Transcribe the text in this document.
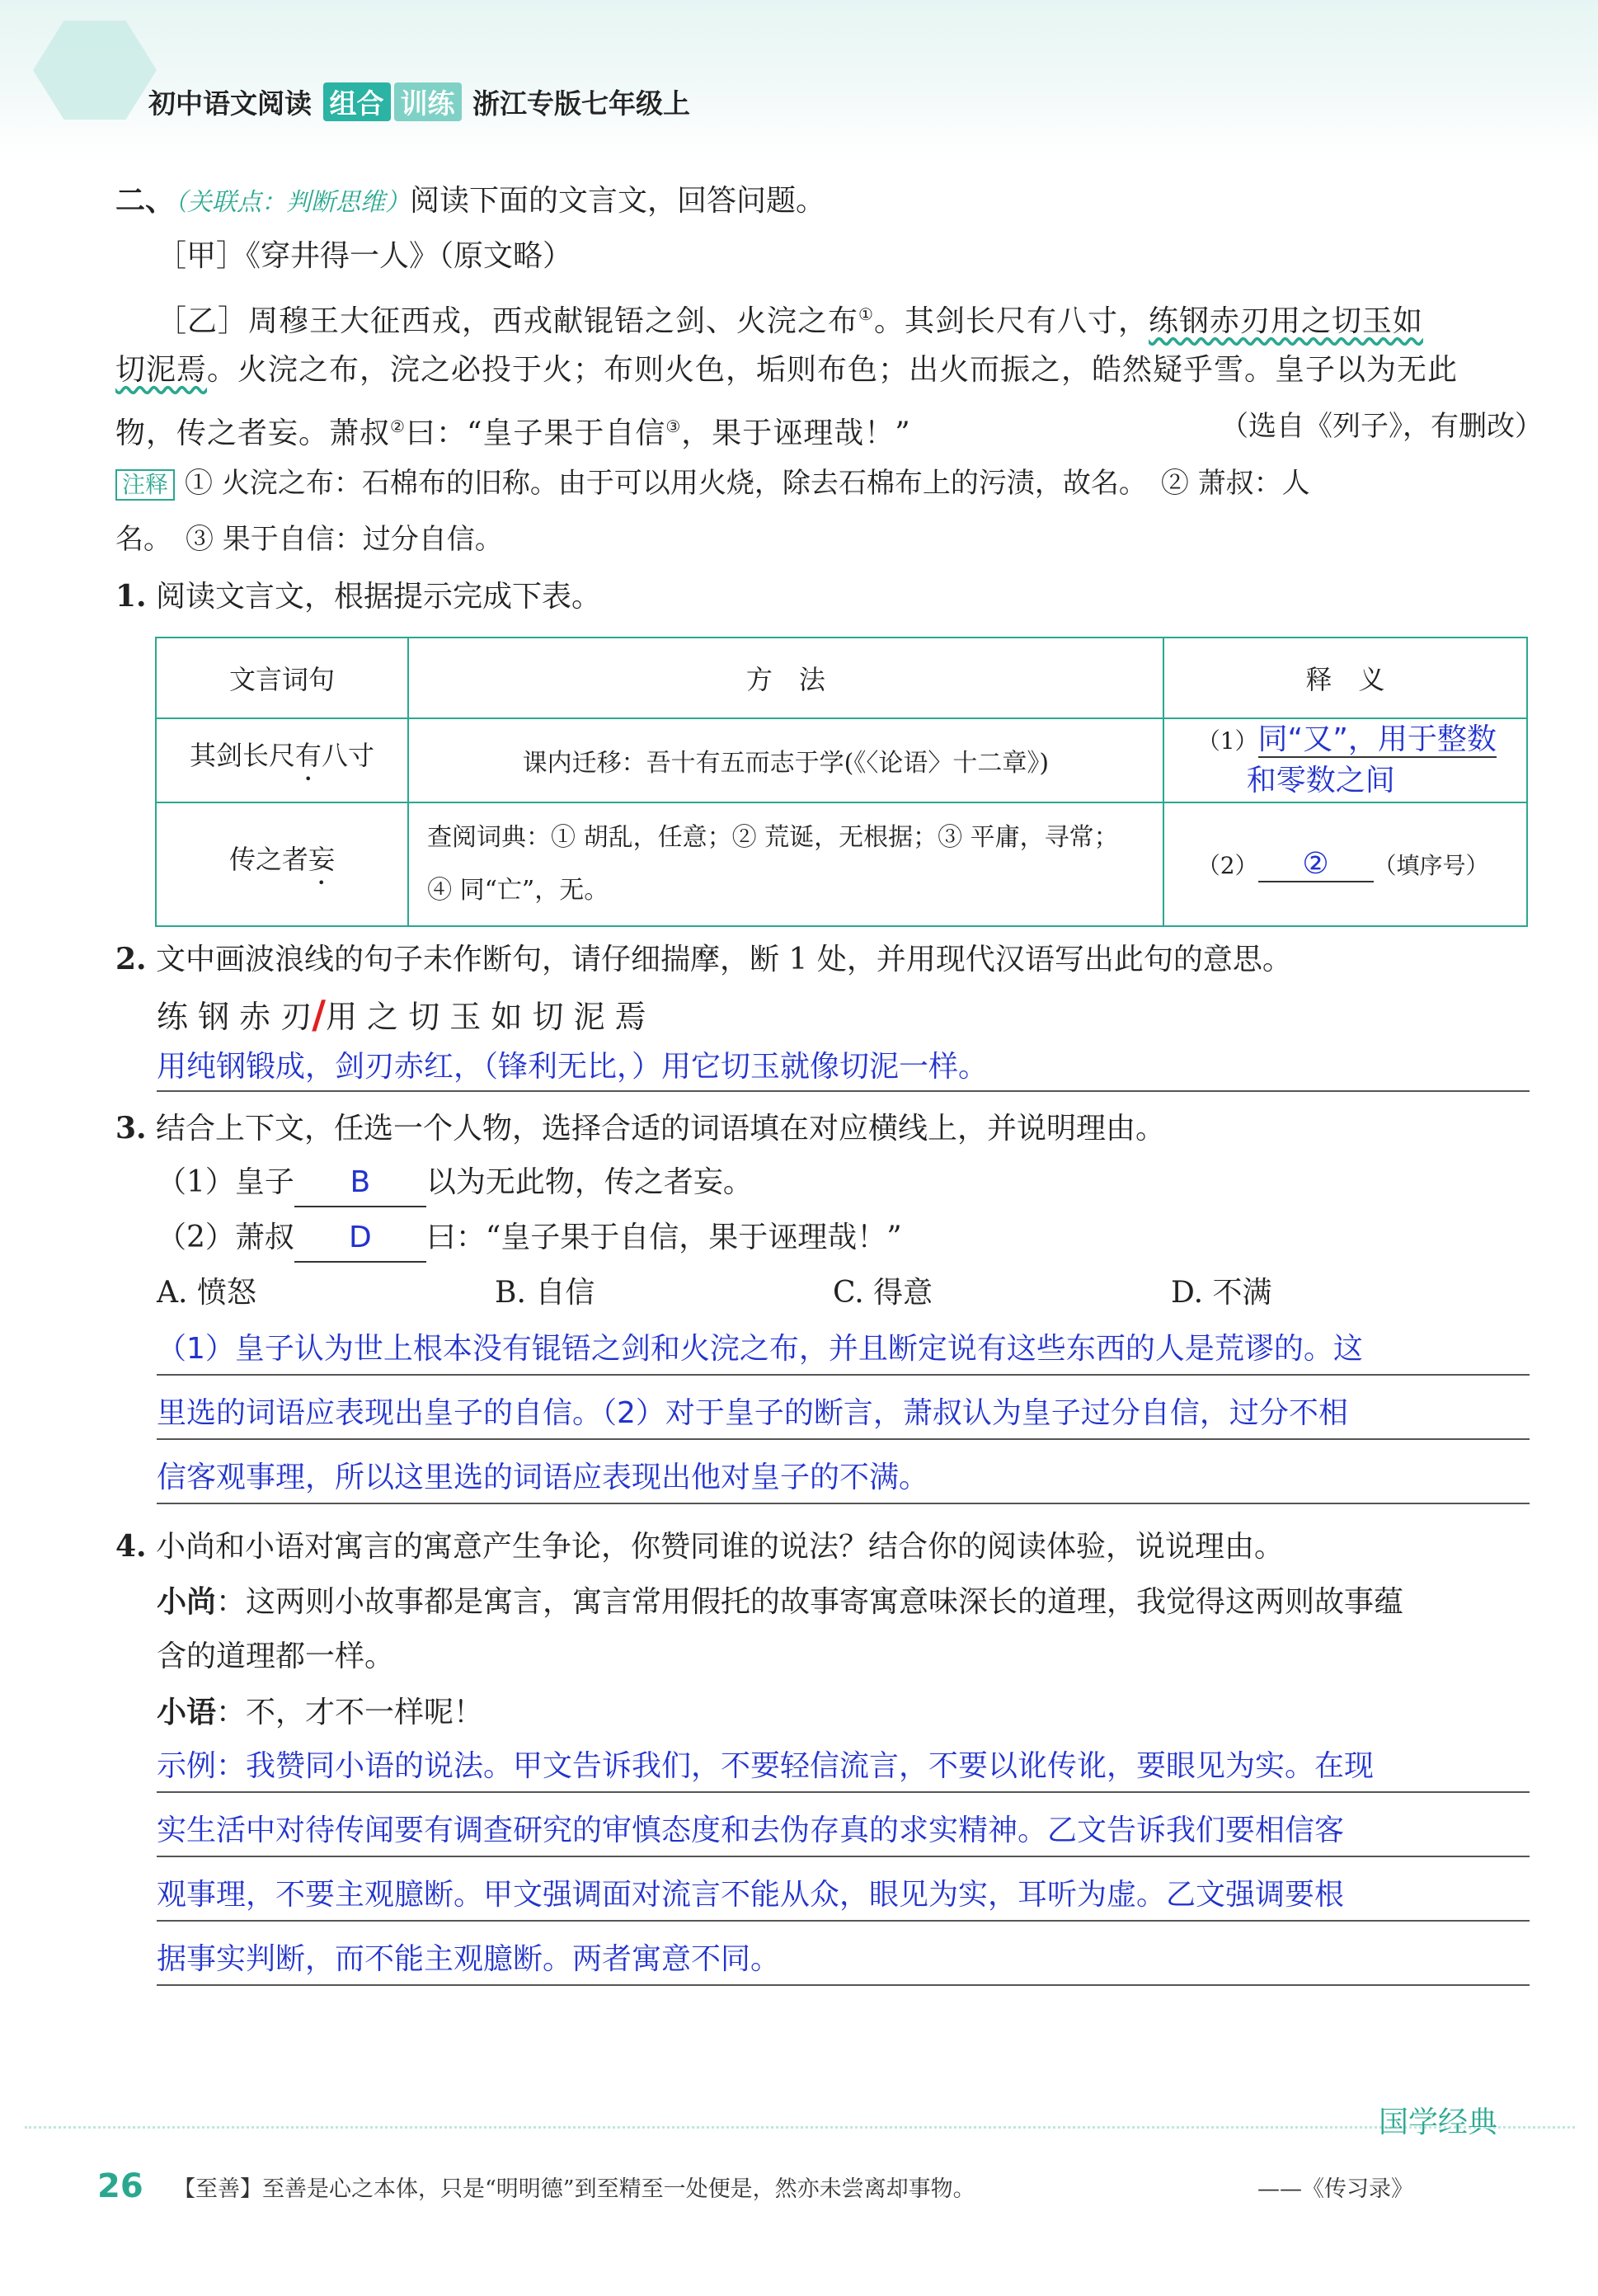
初中语文阅读 组合 训练 浙江专版七年级上
二、（关联点：判断思维）阅读下面的文言文，回答问题。
［甲］《穿井得一人》（原文略）
［乙］周穆王大征西戎，西戎献锟铻之剑、火浣之布①。其剑长尺有八寸，练钢赤刃用之切玉如
切泥焉。火浣之布，浣之必投于火；布则火色，垢则布色；出火而振之，皓然疑乎雪。皇子以为无此
物，传之者妄。萧叔②曰：“皇子果于自信③，果于诬理哉！”	（选自《列子》，有删改）
注释 ① 火浣之布：石棉布的旧称。由于可以用火烧，除去石棉布上的污渍，故名。　② 萧叔：人
名。　③ 果于自信：过分自信。
1. 阅读文言文，根据提示完成下表。
文言词句	方　法	释　义
其剑长尺有八寸	课内迁移：吾十有五而志于学(《〈论语〉十二章》)	（1）同“又”，用于整数
和零数之间
传之者妄	查阅词典：① 胡乱，任意；② 荒诞，无根据；③ 平庸，寻常；
④ 同“亡”，无。	（2） ② （填序号）
2. 文中画波浪线的句子未作断句，请仔细揣摩，断 1 处，并用现代汉语写出此句的意思。
练 钢 赤 刃/用 之 切 玉 如 切 泥 焉
用纯钢锻成，剑刃赤红，（锋利无比，）用它切玉就像切泥一样。
3. 结合上下文，任选一个人物，选择合适的词语填在对应横线上，并说明理由。
（1）皇子 B 以为无此物，传之者妄。
（2）萧叔 D 曰：“皇子果于自信，果于诬理哉！”
A. 愤怒	B. 自信	C. 得意	D. 不满
（1）皇子认为世上根本没有锟铻之剑和火浣之布，并且断定说有这些东西的人是荒谬的。这
里选的词语应表现出皇子的自信。（2）对于皇子的断言，萧叔认为皇子过分自信，过分不相
信客观事理，所以这里选的词语应表现出他对皇子的不满。
4. 小尚和小语对寓言的寓意产生争论，你赞同谁的说法？结合你的阅读体验，说说理由。
小尚：这两则小故事都是寓言，寓言常用假托的故事寄寓意味深长的道理，我觉得这两则故事蕴
含的道理都一样。
小语：不，才不一样呢！
示例：我赞同小语的说法。甲文告诉我们，不要轻信流言，不要以讹传讹，要眼见为实。在现
实生活中对待传闻要有调查研究的审慎态度和去伪存真的求实精神。乙文告诉我们要相信客
观事理，不要主观臆断。甲文强调面对流言不能从众，眼见为实，耳听为虚。乙文强调要根
据事实判断，而不能主观臆断。两者寓意不同。
国学经典
26 【至善】至善是心之本体，只是“明明德”到至精至一处便是，然亦未尝离却事物。	——《传习录》
